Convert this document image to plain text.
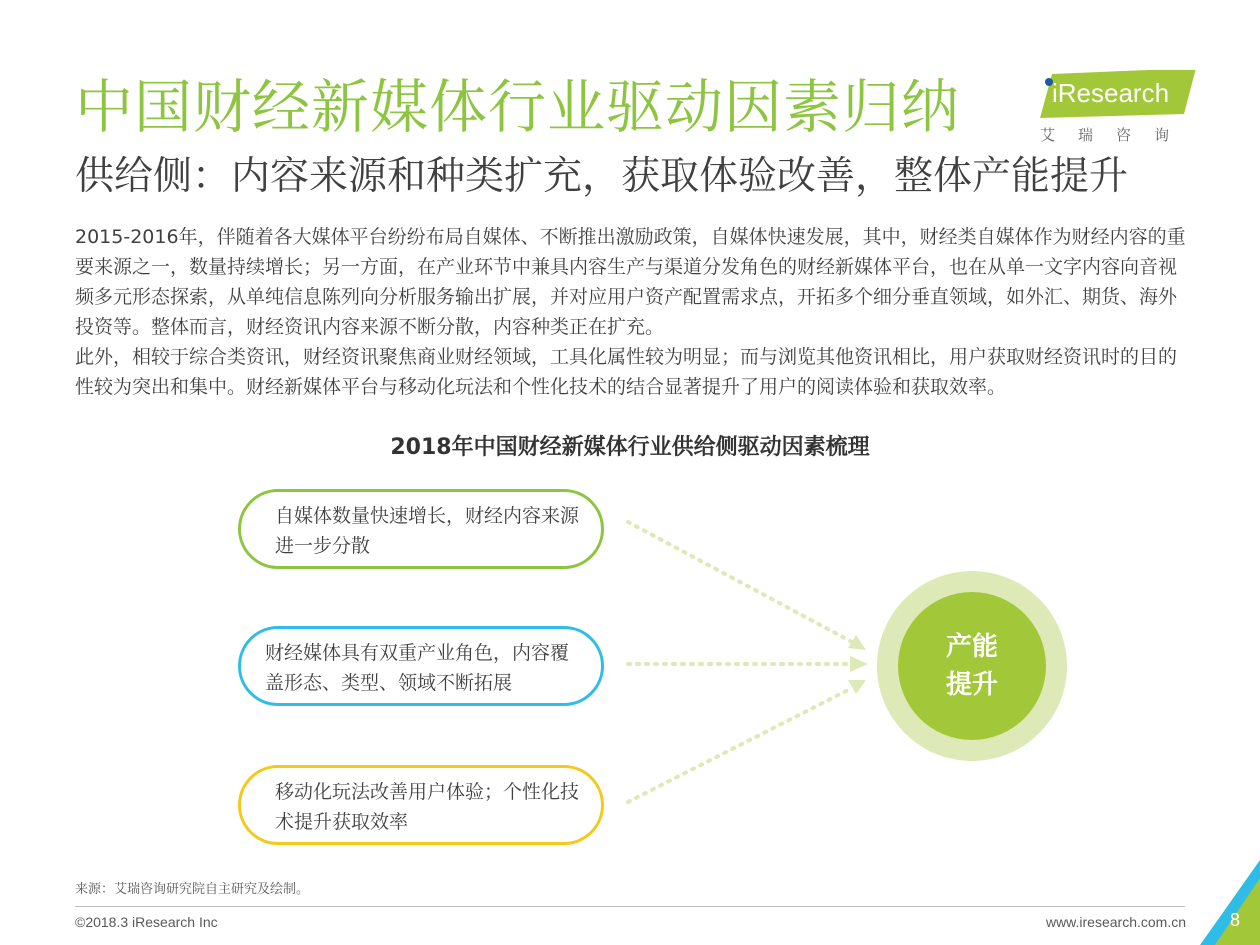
中国财经新媒体行业驱动因素归纳
供给侧：内容来源和种类扩充，获取体验改善，整体产能提升
iResearch
艾瑞咨询

2015-2016年，伴随着各大媒体平台纷纷布局自媒体、不断推出激励政策，自媒体快速发展，其中，财经类自媒体作为财经内容的重要来源之一，数量持续增长；另一方面，在产业环节中兼具内容生产与渠道分发角色的财经新媒体平台，也在从单一文字内容向音视频多元形态探索，从单纯信息陈列向分析服务输出扩展，并对应用户资产配置需求点，开拓多个细分垂直领域，如外汇、期货、海外投资等。整体而言，财经资讯内容来源不断分散，内容种类正在扩充。

此外，相较于综合类资讯，财经资讯聚焦商业财经领域，工具化属性较为明显；而与浏览其他资讯相比，用户获取财经资讯时的目的性较为突出和集中。财经新媒体平台与移动化玩法和个性化技术的结合显著提升了用户的阅读体验和获取效率。

2018年中国财经新媒体行业供给侧驱动因素梳理
自媒体数量快速增长，财经内容来源进一步分散
财经媒体具有双重产业角色，内容覆盖形态、类型、领域不断拓展
移动化玩法改善用户体验；个性化技术提升获取效率
产能
提升
来源：艾瑞咨询研究院自主研究及绘制。
©2018.3 iResearch Inc	www.iresearch.com.cn 8
